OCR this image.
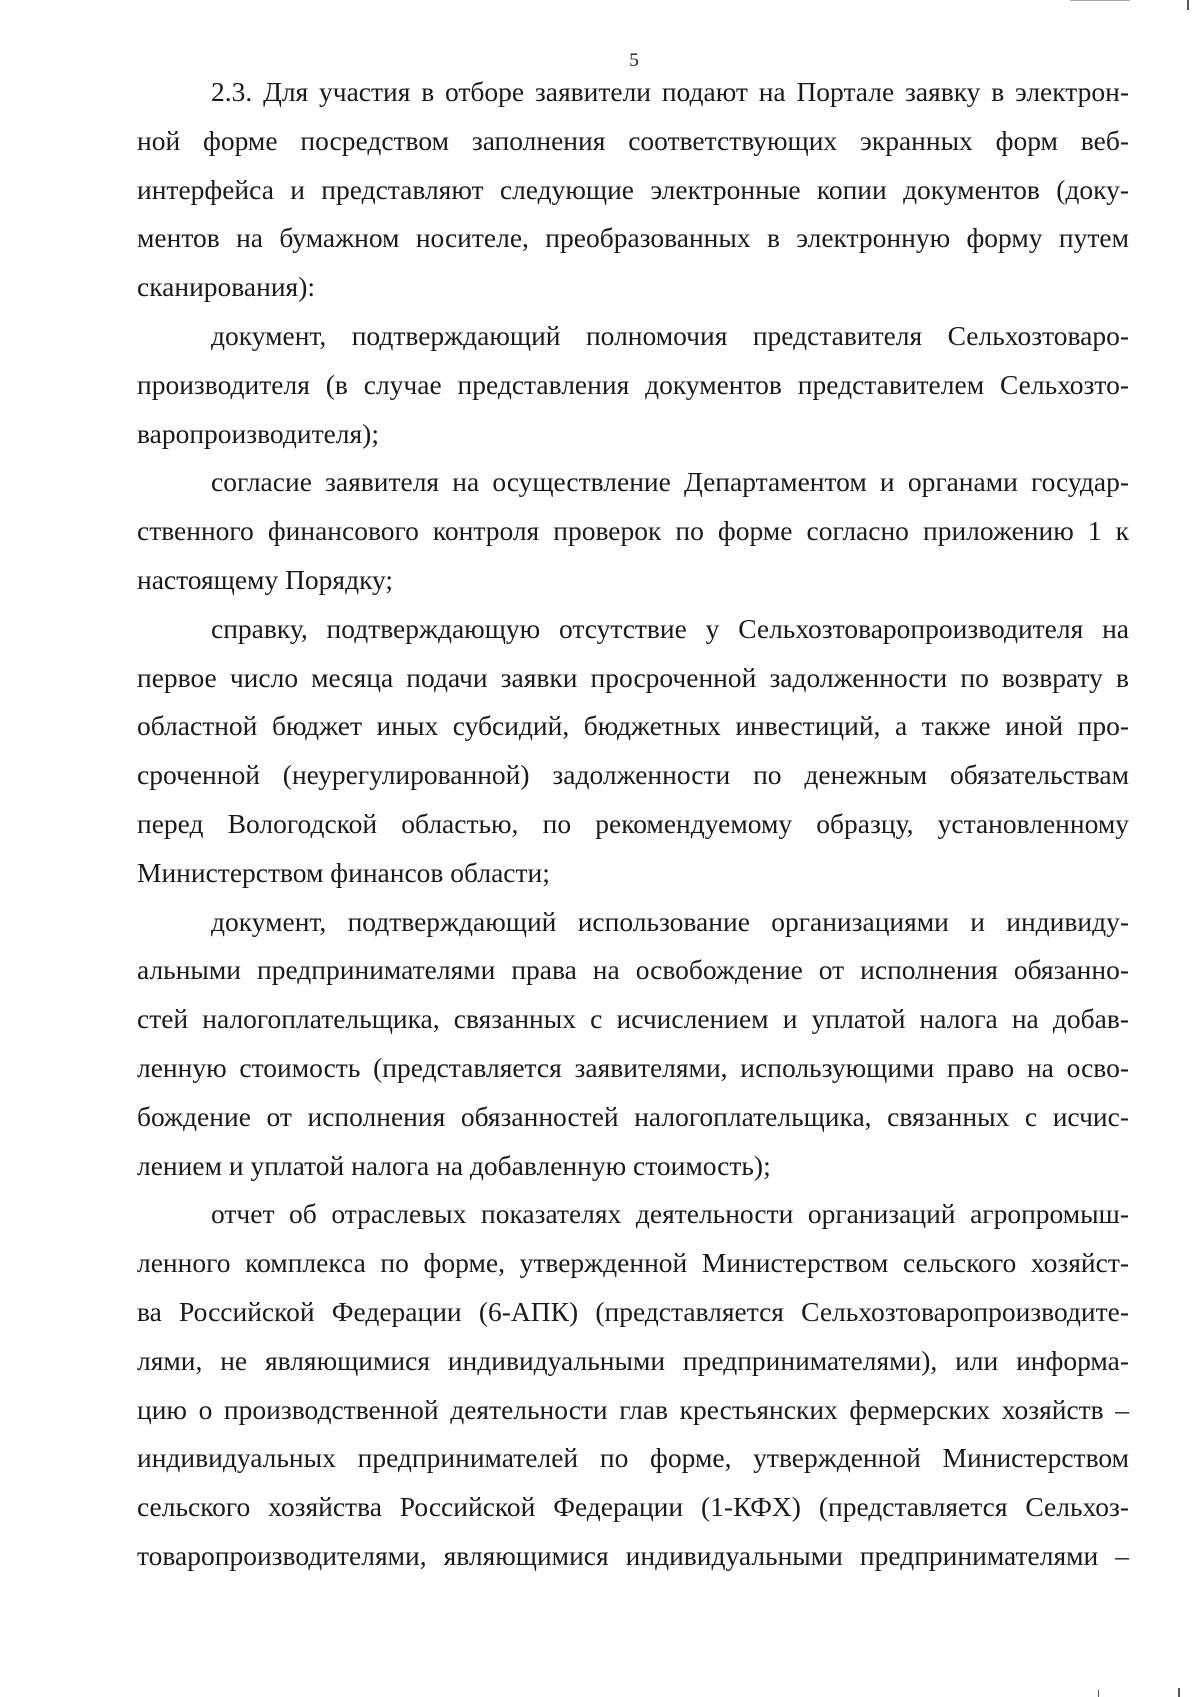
5
2.3. Для участия в отборе заявители подают на Портале заявку в электрон-
ной форме посредством заполнения соответствующих экранных форм веб-
интерфейса и представляют следующие электронные копии документов (доку-
ментов на бумажном носителе, преобразованных в электронную форму путем
сканирования):
документ, подтверждающий полномочия представителя Сельхозтоваро-
производителя (в случае представления документов представителем Сельхозто-
варопроизводителя);
согласие заявителя на осуществление Департаментом и органами государ-
ственного финансового контроля проверок по форме согласно приложению 1 к
настоящему Порядку;
справку, подтверждающую отсутствие у Сельхозтоваропроизводителя на
первое число месяца подачи заявки просроченной задолженности по возврату в
областной бюджет иных субсидий, бюджетных инвестиций, а также иной про-
сроченной (неурегулированной) задолженности по денежным обязательствам
перед Вологодской областью, по рекомендуемому образцу, установленному
Министерством финансов области;
документ, подтверждающий использование организациями и индивиду-
альными предпринимателями права на освобождение от исполнения обязанно-
стей налогоплательщика, связанных с исчислением и уплатой налога на добав-
ленную стоимость (представляется заявителями, использующими право на осво-
бождение от исполнения обязанностей налогоплательщика, связанных с исчис-
лением и уплатой налога на добавленную стоимость);
отчет об отраслевых показателях деятельности организаций агропромыш-
ленного комплекса по форме, утвержденной Министерством сельского хозяйст-
ва Российской Федерации (6-АПК) (представляется Сельхозтоваропроизводите-
лями, не являющимися индивидуальными предпринимателями), или информа-
цию о производственной деятельности глав крестьянских фермерских хозяйств –
индивидуальных предпринимателей по форме, утвержденной Министерством
сельского хозяйства Российской Федерации (1-КФХ) (представляется Сельхоз-
товаропроизводителями, являющимися индивидуальными предпринимателями –
